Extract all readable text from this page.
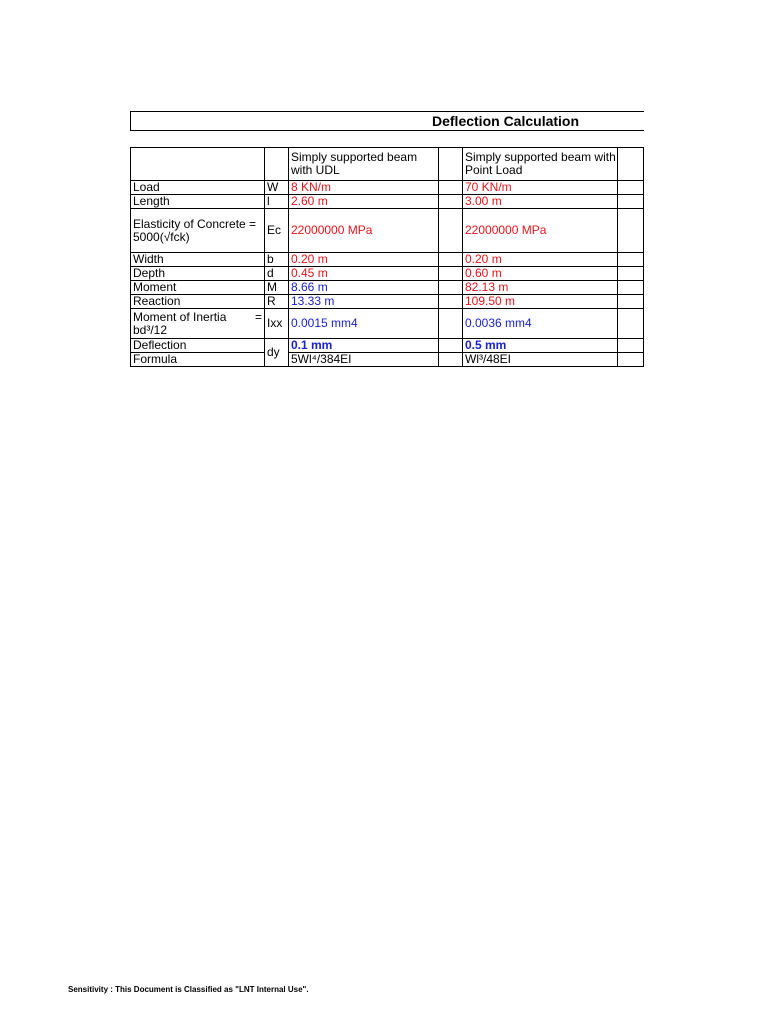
Deflection Calculation
		Simply supported beam with UDL		Simply supported beam with Point Load	
Load	W	8 KN/m		70 KN/m	
Length	l	2.60 m		3.00 m	
Elasticity of Concrete = 5000(√fck)	Ec	22000000 MPa		22000000 MPa	
Width	b	0.20 m		0.20 m	
Depth	d	0.45 m		0.60 m	
Moment	M	8.66 m		82.13 m	
Reaction	R	13.33 m		109.50 m	

Moment of Inertia =
bd³/12	Ixx	0.0015 mm4		0.0036 mm4	
Deflection	dy	0.1 mm		0.5 mm	
Formula		5Wl⁴/384EI		Wl³/48EI	
Sensitivity : This Document is Classified as "LNT Internal Use".
